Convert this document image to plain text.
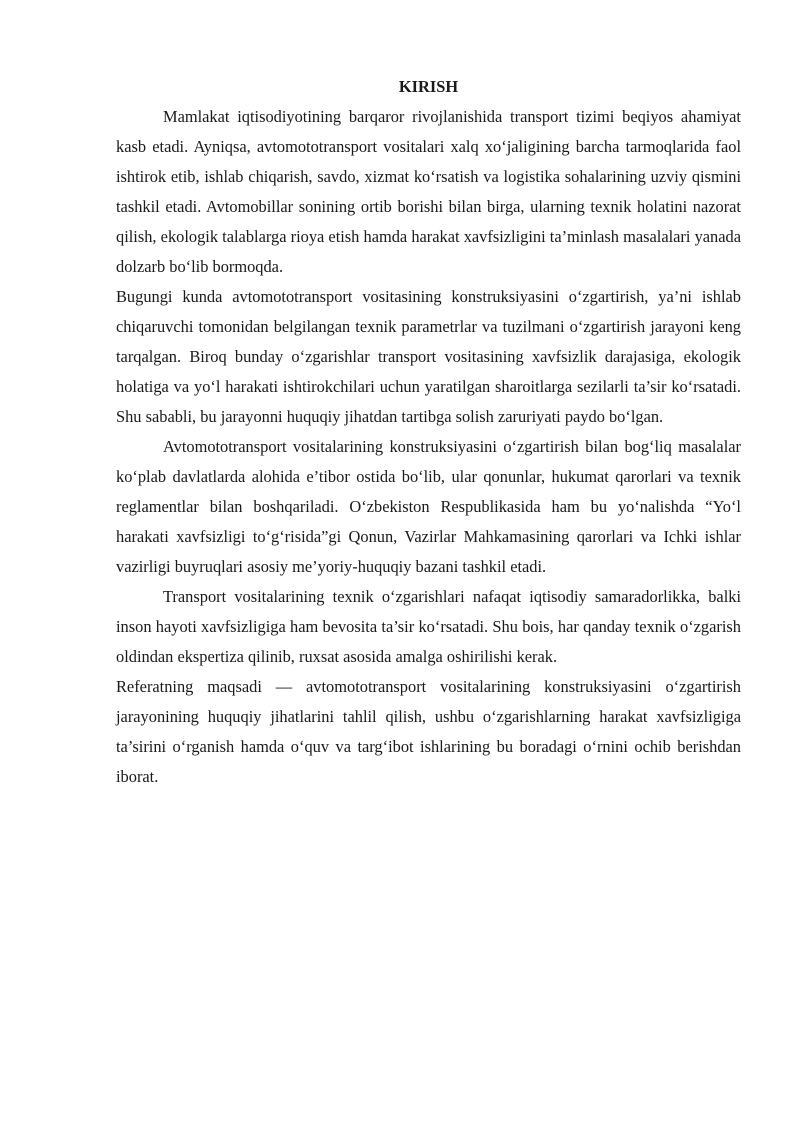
KIRISH

Mamlakat iqtisodiyotining barqaror rivojlanishida transport tizimi beqiyos ahamiyat kasb etadi. Ayniqsa, avtomototransport vositalari xalq xo‘jaligining barcha tarmoqlarida faol ishtirok etib, ishlab chiqarish, savdo, xizmat ko‘rsatish va logistika sohalarining uzviy qismini tashkil etadi. Avtomobillar sonining ortib borishi bilan birga, ularning texnik holatini nazorat qilish, ekologik talablarga rioya etish hamda harakat xavfsizligini ta’minlash masalalari yanada dolzarb bo‘lib bormoqda.

Bugungi kunda avtomototransport vositasining konstruksiyasini o‘zgartirish, ya’ni ishlab chiqaruvchi tomonidan belgilangan texnik parametrlar va tuzilmani o‘zgartirish jarayoni keng tarqalgan. Biroq bunday o‘zgarishlar transport vositasining xavfsizlik darajasiga, ekologik holatiga va yo‘l harakati ishtirokchilari uchun yaratilgan sharoitlarga sezilarli ta’sir ko‘rsatadi. Shu sababli, bu jarayonni huquqiy jihatdan tartibga solish zaruriyati paydo bo‘lgan.

Avtomototransport vositalarining konstruksiyasini o‘zgartirish bilan bog‘liq masalalar ko‘plab davlatlarda alohida e’tibor ostida bo‘lib, ular qonunlar, hukumat qarorlari va texnik reglamentlar bilan boshqariladi. O‘zbekiston Respublikasida ham bu yo‘nalishda “Yo‘l harakati xavfsizligi to‘g‘risida”gi Qonun, Vazirlar Mahkamasining qarorlari va Ichki ishlar vazirligi buyruqlari asosiy me’yoriy-huquqiy bazani tashkil etadi.

Transport vositalarining texnik o‘zgarishlari nafaqat iqtisodiy samaradorlikka, balki inson hayoti xavfsizligiga ham bevosita ta’sir ko‘rsatadi. Shu bois, har qanday texnik o‘zgarish oldindan ekspertiza qilinib, ruxsat asosida amalga oshirilishi kerak.

Referatning maqsadi — avtomototransport vositalarining konstruksiyasini o‘zgartirish jarayonining huquqiy jihatlarini tahlil qilish, ushbu o‘zgarishlarning harakat xavfsizligiga ta’sirini o‘rganish hamda o‘quv va targ‘ibot ishlarining bu boradagi o‘rnini ochib berishdan iborat.
